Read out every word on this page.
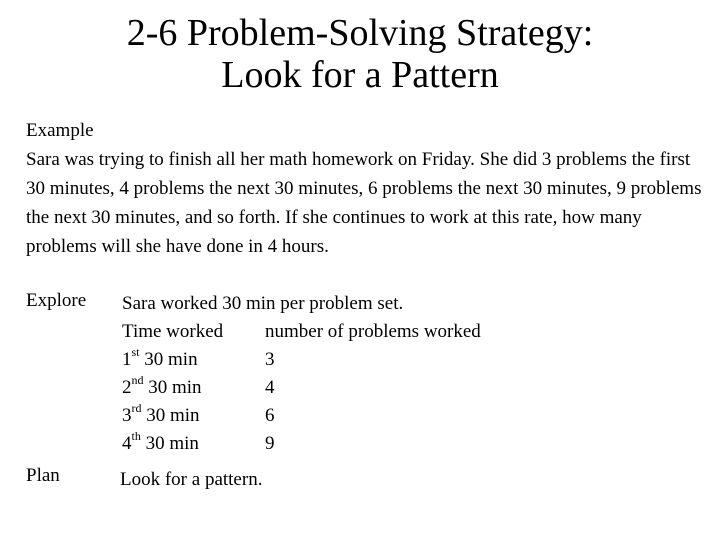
2-6 Problem-Solving Strategy:
Look for a Pattern
Example

Sara was trying to finish all her math homework on Friday. She did 3 problems the first 30 minutes, 4 problems the next 30 minutes, 6 problems the next 30 minutes, 9 problems the next 30 minutes, and so forth. If she continues to work at this rate, how many problems will she have done in 4 hours.

Explore Sara worked 30 min per problem set.
Time worked	number of problems worked
1st 30 min	3
2nd 30 min	4
3rd 30 min	6
4th 30 min	9
Plan	Look for a pattern.
